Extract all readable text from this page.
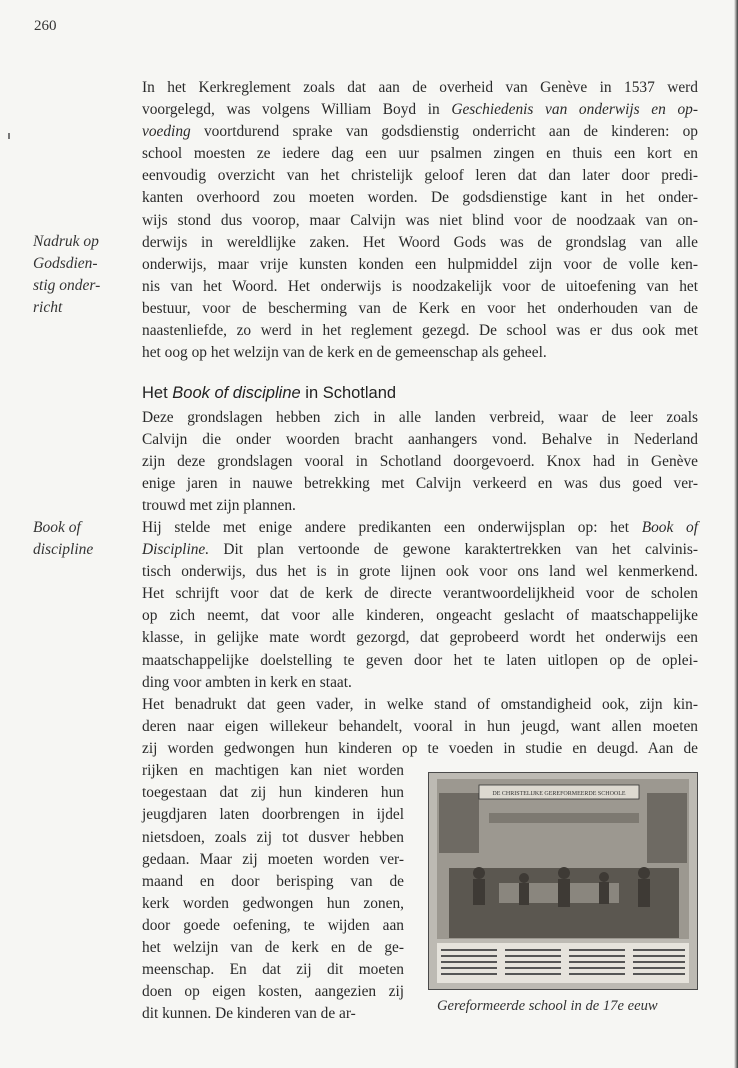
260
Nadruk op
Godsdien-
stig onder-
richt
Book of
discipline
In het Kerkreglement zoals dat aan de overheid van Genève in 1537 werd
voorgelegd, was volgens William Boyd in Geschiedenis van onderwijs en op-
voeding voortdurend sprake van godsdienstig onderricht aan de kinderen: op
school moesten ze iedere dag een uur psalmen zingen en thuis een kort en
eenvoudig overzicht van het christelijk geloof leren dat dan later door predi-
kanten overhoord zou moeten worden. De godsdienstige kant in het onder-
wijs stond dus voorop, maar Calvijn was niet blind voor de noodzaak van on-
derwijs in wereldlijke zaken. Het Woord Gods was de grondslag van alle
onderwijs, maar vrije kunsten konden een hulpmiddel zijn voor de volle ken-
nis van het Woord. Het onderwijs is noodzakelijk voor de uitoefening van het
bestuur, voor de bescherming van de Kerk en voor het onderhouden van de
naastenliefde, zo werd in het reglement gezegd. De school was er dus ook met
het oog op het welzijn van de kerk en de gemeenschap als geheel.
Het Book of discipline in Schotland
Deze grondslagen hebben zich in alle landen verbreid, waar de leer zoals
Calvijn die onder woorden bracht aanhangers vond. Behalve in Nederland
zijn deze grondslagen vooral in Schotland doorgevoerd. Knox had in Genève
enige jaren in nauwe betrekking met Calvijn verkeerd en was dus goed ver-
trouwd met zijn plannen.
Hij stelde met enige andere predikanten een onderwijsplan op: het Book of
Discipline. Dit plan vertoonde de gewone karaktertrekken van het calvinis-
tisch onderwijs, dus het is in grote lijnen ook voor ons land wel kenmerkend.
Het schrijft voor dat de kerk de directe verantwoordelijkheid voor de scholen
op zich neemt, dat voor alle kinderen, ongeacht geslacht of maatschappelijke
klasse, in gelijke mate wordt gezorgd, dat geprobeerd wordt het onderwijs een
maatschappelijke doelstelling te geven door het te laten uitlopen op de oplei-
ding voor ambten in kerk en staat.
Het benadrukt dat geen vader, in welke stand of omstandigheid ook, zijn kin-
deren naar eigen willekeur behandelt, vooral in hun jeugd, want allen moeten
zij worden gedwongen hun kinderen op te voeden in studie en deugd. Aan de
rijken en machtigen kan niet worden
toegestaan dat zij hun kinderen hun
jeugdjaren laten doorbrengen in ijdel
nietsdoen, zoals zij tot dusver hebben
gedaan. Maar zij moeten worden ver-
maand en door berisping van de
kerk worden gedwongen hun zonen,
door goede oefening, te wijden aan
het welzijn van de kerk en de ge-
meenschap. En dat zij dit moeten
doen op eigen kosten, aangezien zij
dit kunnen. De kinderen van de ar-
DE CHRISTELIJKE GEREFORMEERDE SCHOOLE
Gereformeerde school in de 17e eeuw
